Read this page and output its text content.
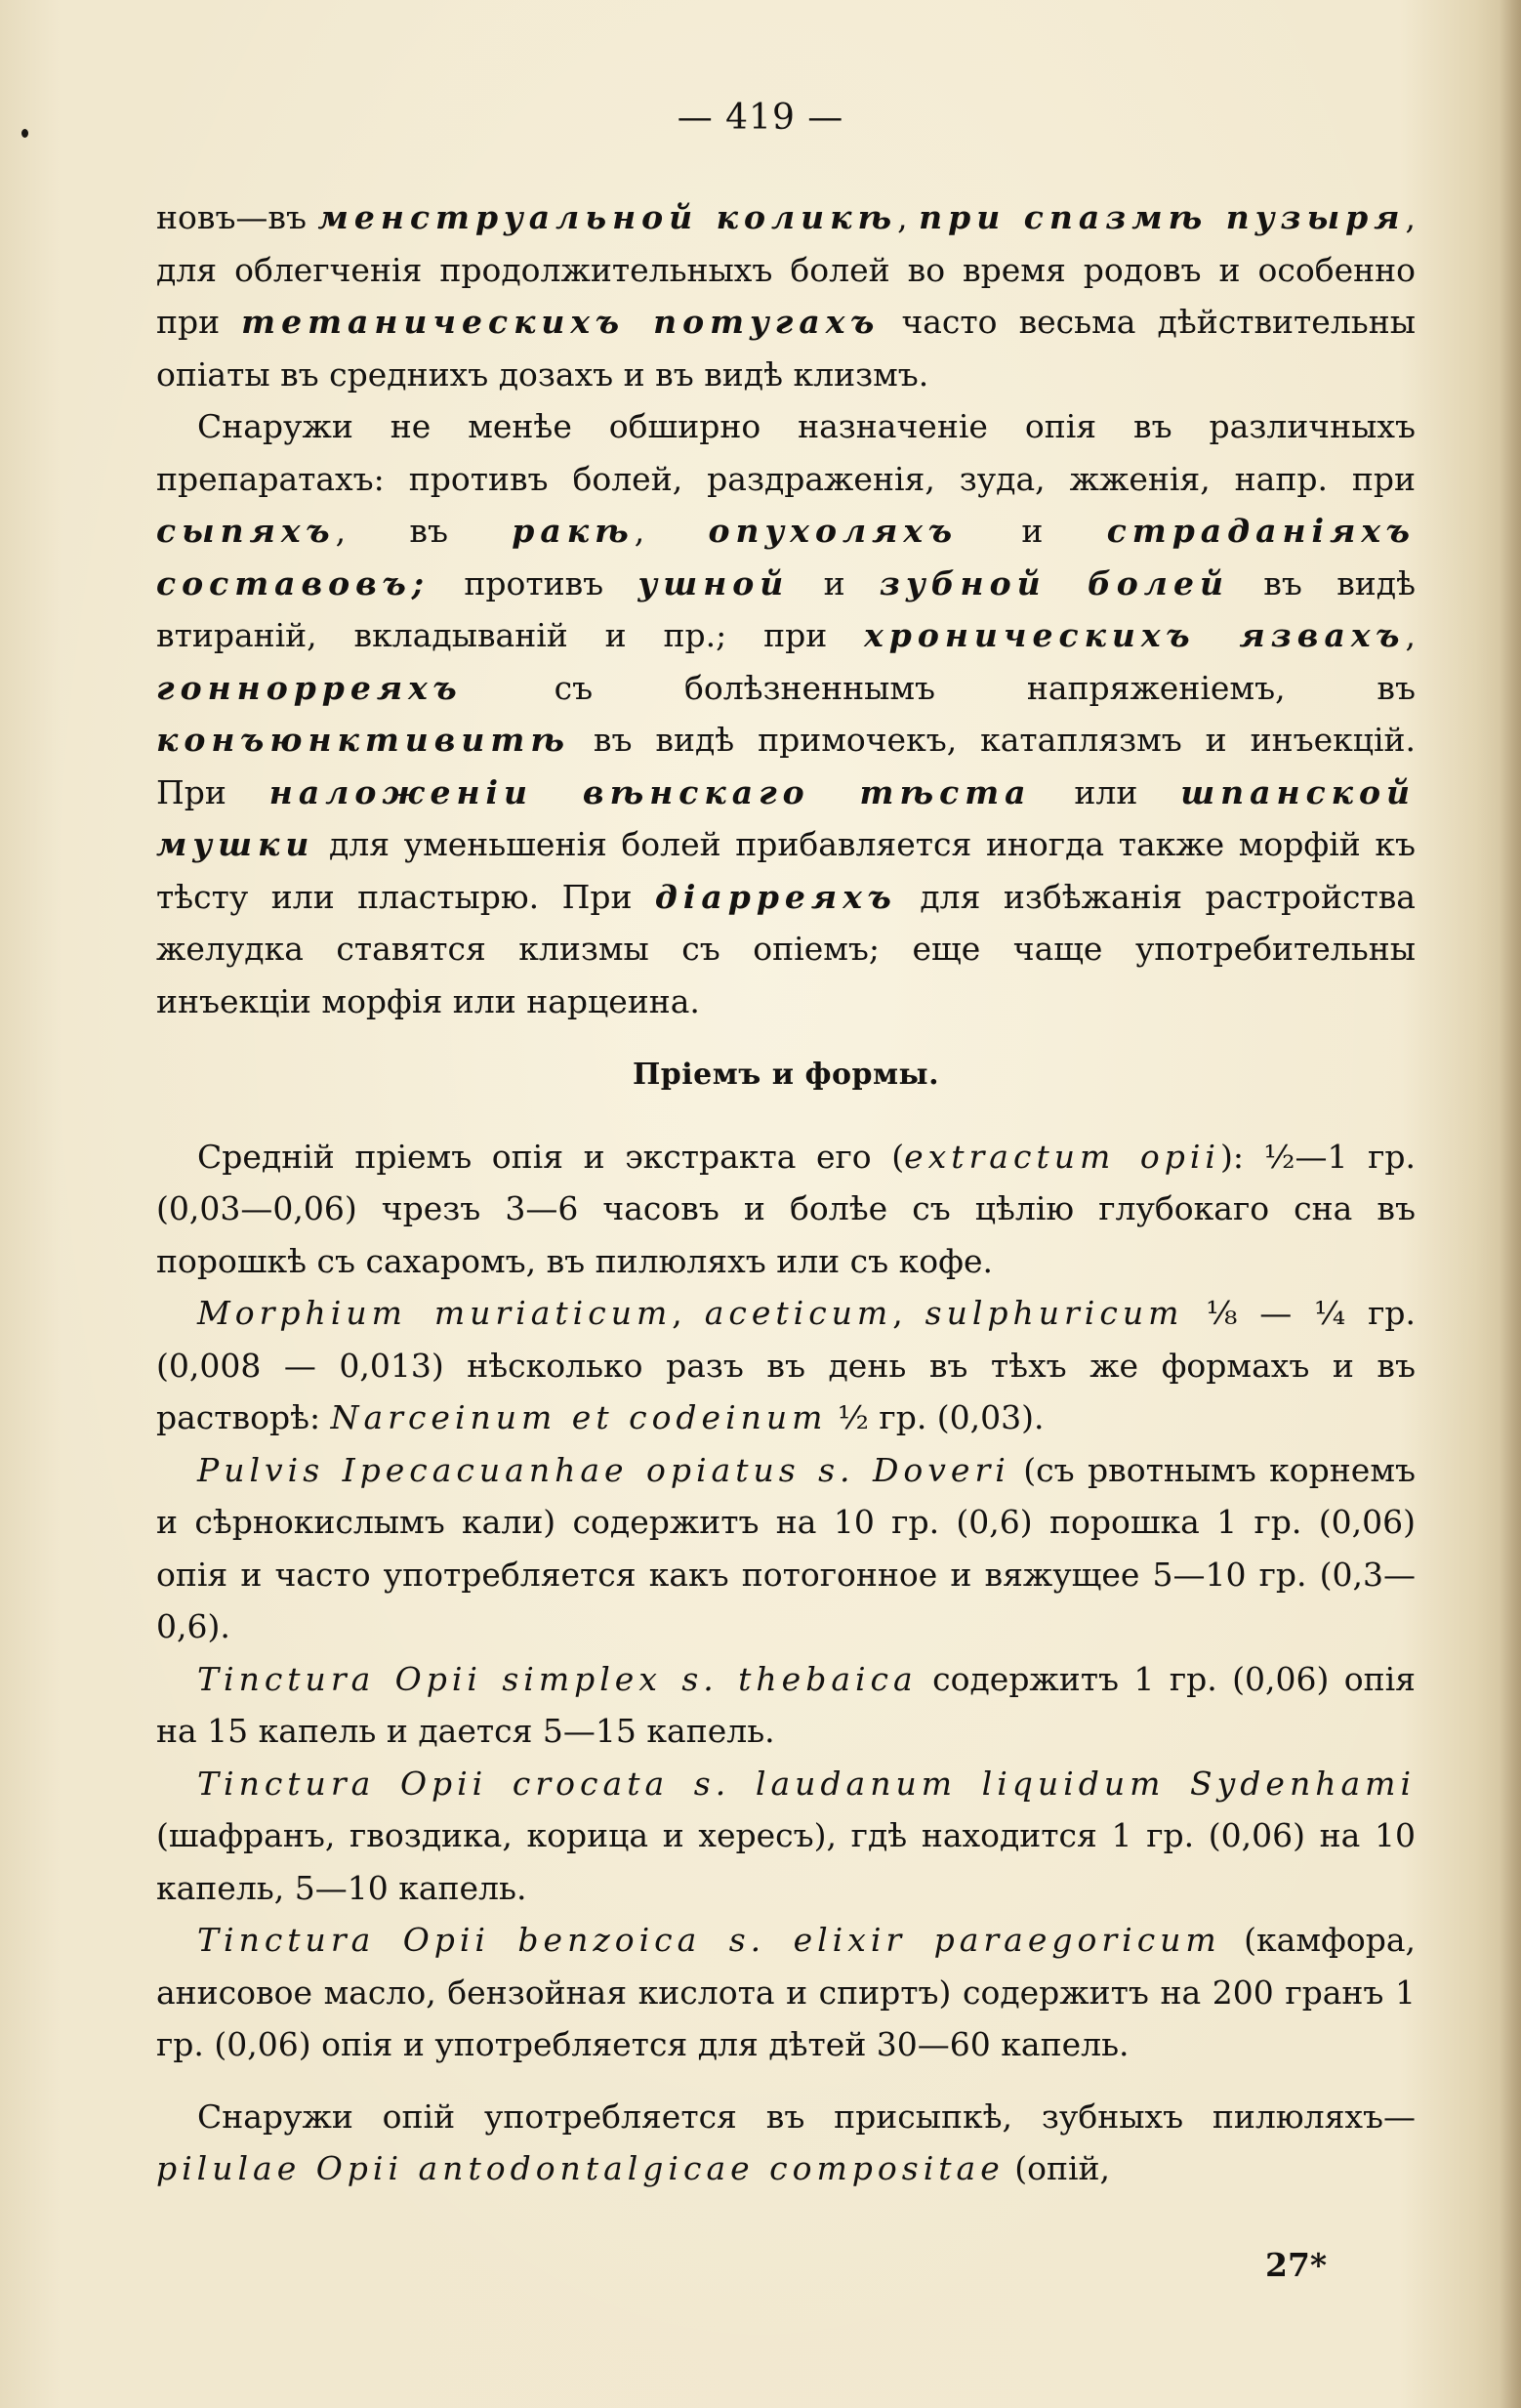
— 419 —

новъ—въ менструальной коликѣ, при спазмѣ пузыря, для облегченія продолжительныхъ болей во время родовъ и особенно при тетаническихъ потугахъ часто весьма дѣйствительны опіаты въ среднихъ дозахъ и въ видѣ клизмъ.

Снаружи не менѣе обширно назначеніе опія въ различныхъ препаратахъ: противъ болей, раздраженія, зуда, жженія, напр. при сыпяхъ, въ ракѣ, опухоляхъ и страданіяхъ составовъ; противъ ушной и зубной болей въ видѣ втираній, вкладываній и пр.; при хроническихъ язвахъ, гоннорреяхъ съ болѣзненнымъ напряженіемъ, въ конъюнктивитѣ въ видѣ примочекъ, катаплязмъ и инъекцій. При наложеніи вѣнскаго тѣста или шпанской мушки для уменьшенія болей прибавляется иногда также морфій къ тѣсту или пластырю. При діарреяхъ для избѣжанія растройства желудка ставятся клизмы съ опіемъ; еще чаще употребительны инъекціи морфія или нарцеина.

Пріемъ и формы.

Среднiй пріемъ опія и экстракта его (extractum opii): ½—1 гр. (0,03—0,06) чрезъ 3—6 часовъ и болѣе съ цѣлію глубокаго сна въ порошкѣ съ сахаромъ, въ пилюляхъ или съ кофе.

Morphium muriaticum, aceticum, sulphuricum ⅛ — ¼ гр. (0,008 — 0,013) нѣсколько разъ въ день въ тѣхъ же формахъ и въ растворѣ: Narceinum et codeinum ½ гр. (0,03).

Pulvis Ipecacuanhae opiatus s. Doveri (съ рвотнымъ корнемъ и сѣрнокислымъ кали) содержитъ на 10 гр. (0,6) порошка 1 гр. (0,06) опія и часто употребляется какъ потогонное и вяжущее 5—10 гр. (0,3—0,6).

Tinctura Opii simplex s. thebaica содержитъ 1 гр. (0,06) опія на 15 капель и дается 5—15 капель.

Tinctura Opii crocata s. laudanum liquidum Sydenhami (шафранъ, гвоздика, корица и хересъ), гдѣ находится 1 гр. (0,06) на 10 капель, 5—10 капель.

Tinctura Opii benzoica s. elixir paraegoricum (камфора, анисовое масло, бензойная кислота и спиртъ) содержитъ на 200 гранъ 1 гр. (0,06) опія и употребляется для дѣтей 30—60 капель.

Снаружи опій употребляется въ присыпкѣ, зубныхъ пилюляхъ— pilulae Opii antodontalgicae compositae (опій,

27*
